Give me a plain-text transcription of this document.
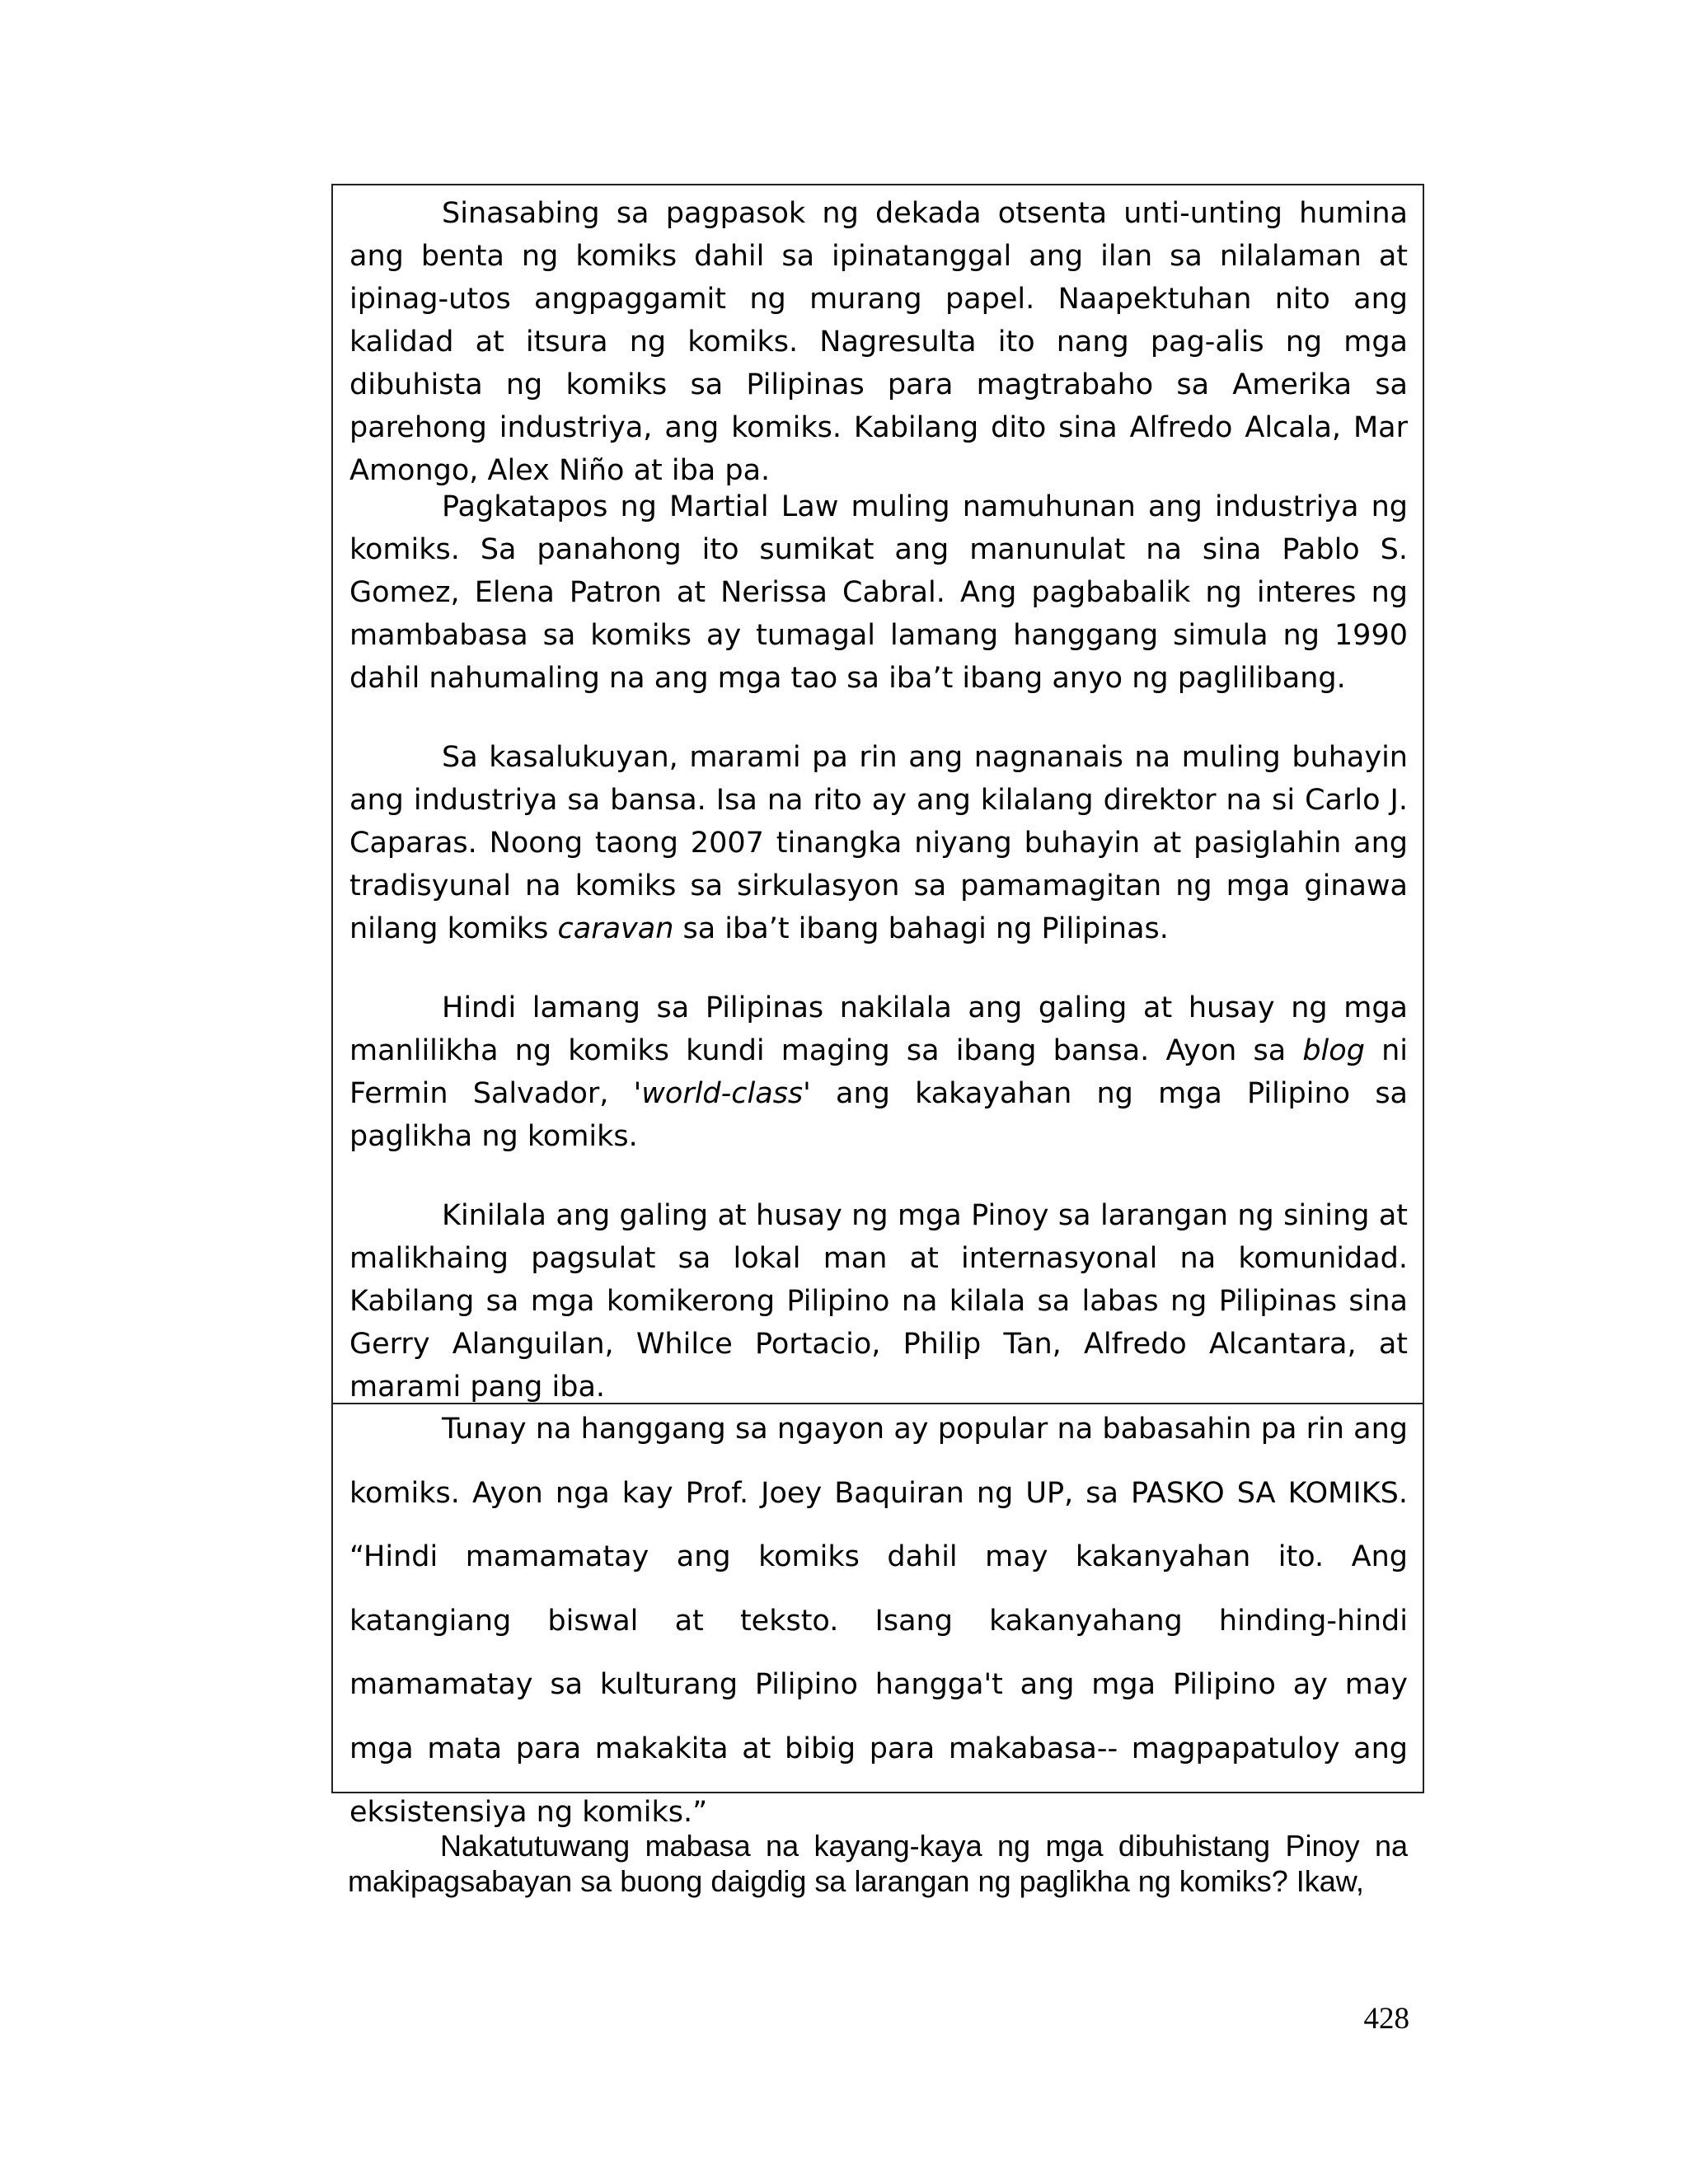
Sinasabing sa pagpasok ng dekada otsenta unti-unting humina ang benta ng komiks dahil sa ipinatanggal ang ilan sa nilalaman at ipinag-utos angpaggamit ng murang papel. Naapektuhan nito ang kalidad at itsura ng komiks. Nagresulta ito nang pag-alis ng mga dibuhista ng komiks sa Pilipinas para magtrabaho sa Amerika sa parehong industriya, ang komiks. Kabilang dito sina Alfredo Alcala, Mar Amongo, Alex Niño at iba pa.

Pagkatapos ng Martial Law muling namuhunan ang industriya ng komiks. Sa panahong ito sumikat ang manunulat na sina Pablo S. Gomez, Elena Patron at Nerissa Cabral. Ang pagbabalik ng interes ng mambabasa sa komiks ay tumagal lamang hanggang simula ng 1990 dahil nahumaling na ang mga tao sa iba’t ibang anyo ng paglilibang.

Sa kasalukuyan, marami pa rin ang nagnanais na muling buhayin ang industriya sa bansa. Isa na rito ay ang kilalang direktor na si Carlo J. Caparas. Noong taong 2007 tinangka niyang buhayin at pasiglahin ang tradisyunal na komiks sa sirkulasyon sa pamamagitan ng mga ginawa nilang komiks caravan sa iba’t ibang bahagi ng Pilipinas.

Hindi lamang sa Pilipinas nakilala ang galing at husay ng mga manlilikha ng komiks kundi maging sa ibang bansa. Ayon sa blog ni Fermin Salvador, 'world-class' ang kakayahan ng mga Pilipino sa paglikha ng komiks.

Kinilala ang galing at husay ng mga Pinoy sa larangan ng sining at malikhaing pagsulat sa lokal man at internasyonal na komunidad. Kabilang sa mga komikerong Pilipino na kilala sa labas ng Pilipinas sina Gerry Alanguilan, Whilce Portacio, Philip Tan, Alfredo Alcantara, at marami pang iba.

Tunay na hanggang sa ngayon ay popular na babasahin pa rin ang komiks. Ayon nga kay Prof. Joey Baquiran ng UP, sa PASKO SA KOMIKS. “Hindi mamamatay ang komiks dahil may kakanyahan ito. Ang katangiang biswal at teksto. Isang kakanyahang hinding-hindi mamamatay sa kulturang Pilipino hangga't ang mga Pilipino ay may mga mata para makakita at bibig para makabasa-- magpapatuloy ang eksistensiya ng komiks.”

Nakatutuwang mabasa na kayang-kaya ng mga dibuhistang Pinoy na makipagsabayan sa buong daigdig sa larangan ng paglikha ng komiks? Ikaw,

428
